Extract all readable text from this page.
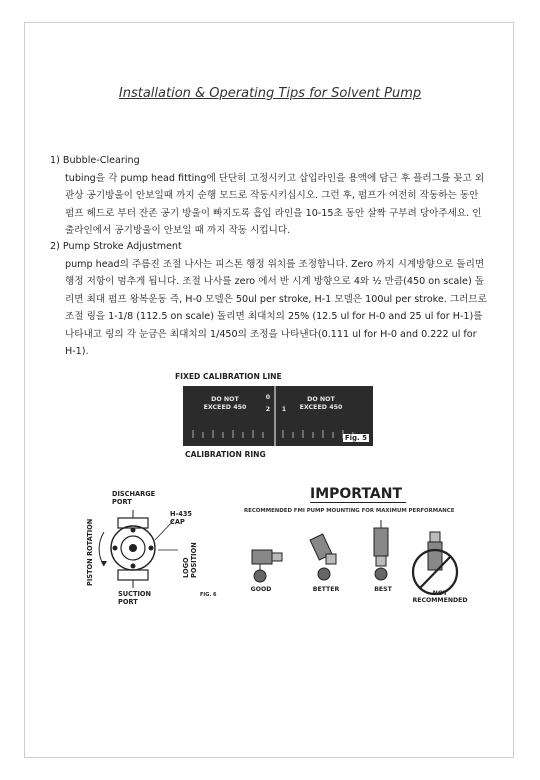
Installation & Operating Tips for Solvent Pump
1) Bubble-Clearing
tubing을 각 pump head fitting에 단단히 고정시키고 삽입라인을 용액에 담근 후 플러그를 꽂고 외관상 공기방울이 안보일때 까지 순행 모드로 작동시키십시오. 그런 후, 펌프가 여전히 작동하는 동안 펌프 헤드로 부터 잔존 공기 방울이 빠지도록 흡입 라인을 10-15초 동안 살짝 구부려 당아주세요. 인출라인에서 공기방울이 안보일 때 까지 작동 시킵니다.
2) Pump Stroke Adjustment
pump head의 주름진 조절 나사는 피스톤 행정 위치를 조정합니다. Zero 까지 시계방향으로 돌리면 행정 저항이 멈추게 됩니다. 조절 나사를 zero 에서 반 시계 방향으로 4와 ½ 만큼(450 on scale) 돌리면 최대 펌프 왕복운동 즉, H-0 모델은 50ul per stroke, H-1 모델은 100ul per stroke. 그러므로 조절 링을 1-1/8 (112.5 on scale) 돌리면 최대치의 25% (12.5 ul for H-0 and 25 ul for H-1)를 나타내고 링의 각 눈금은 최대치의 1/450의 조정을 나타낸다(0.111 ul for H-0 and 0.222 ul for H-1).
FIXED CALIBRATION LINE
DO NOT
EXCEED 450
DO NOT
EXCEED 450
0
2	1
Fig. 5
CALIBRATION RING
DISCHARGE
PORT
H-435
CAP
PISTON ROTATION	LOGO POSITION
SUCTION
PORT
FIG. 6
IMPORTANT
RECOMMENDED FMI PUMP MOUNTING FOR MAXIMUM PERFORMANCE
GOOD	BETTER	BEST
NOT
RECOMMENDED
